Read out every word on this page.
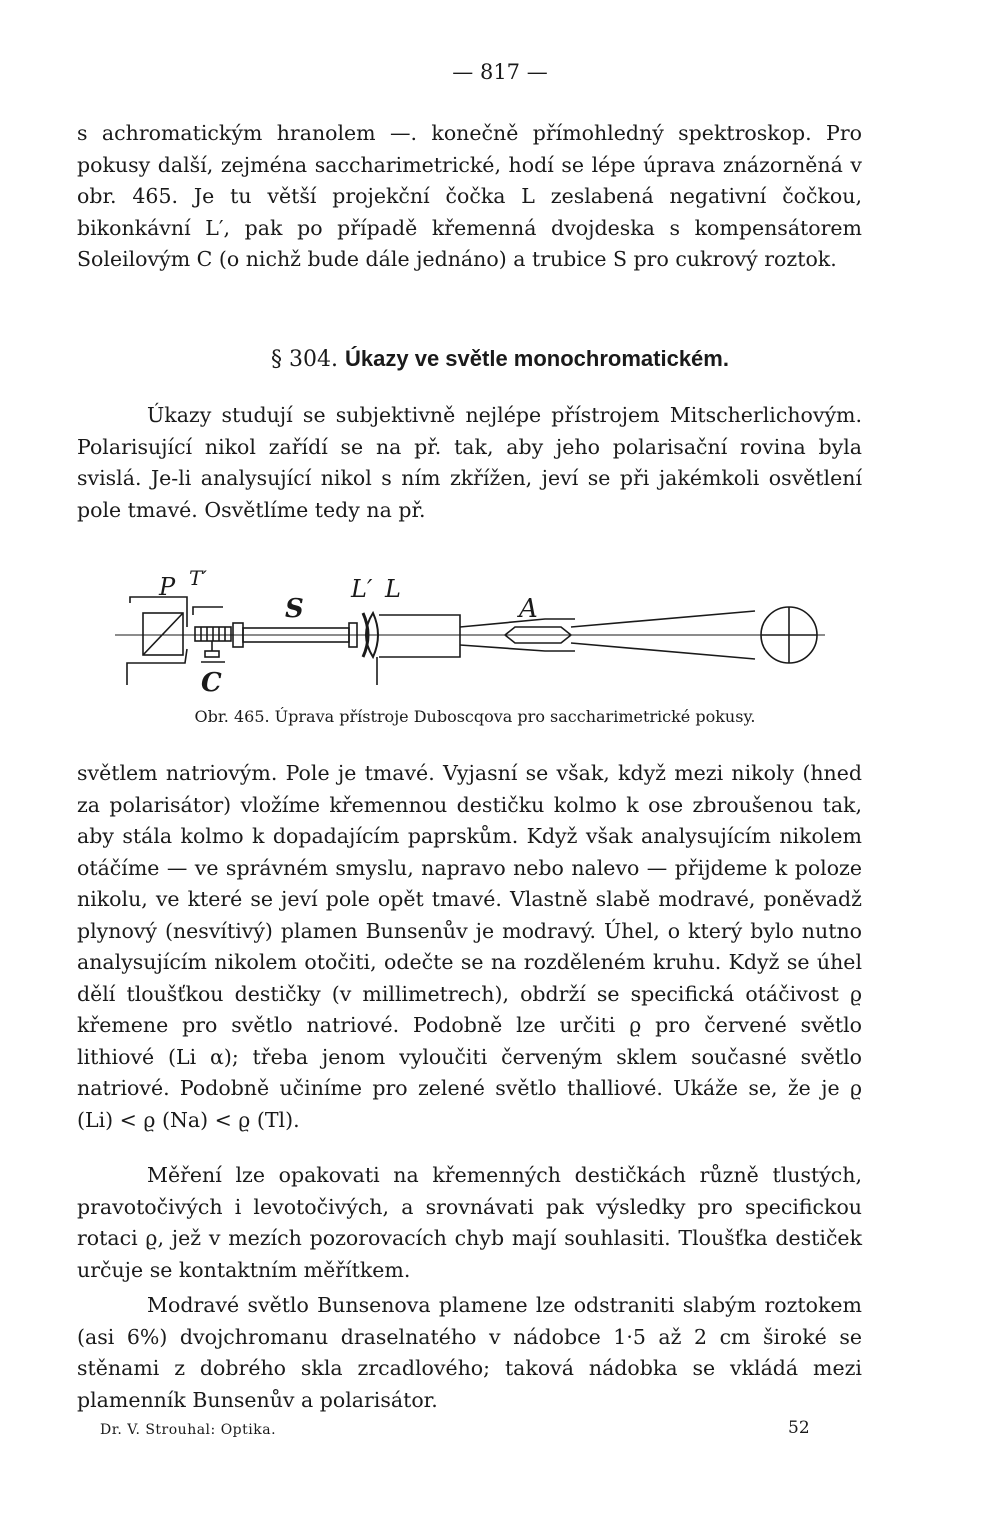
— 817 —

s achromatickým hranolem —. konečně přímohledný spektroskop. Pro pokusy další, zejména saccharimetrické, hodí se lépe úprava znázorněná v obr. 465. Je tu větší projekční čočka L zeslabená negativní čočkou, bikonkávní L′, pak po případě křemenná dvojdeska s kompensátorem Soleilovým C (o nichž bude dále jednáno) a trubice S pro cukrový roztok.

§ 304. Úkazy ve světle monochromatickém.

Úkazy studují se subjektivně nejlépe přístrojem Mitscherlichovým. Polarisující nikol zařídí se na př. tak, aby jeho polarisační rovina byla svislá. Je-li analysující nikol s ním zkřížen, jeví se při jakémkoli osvětlení pole tmavé. Osvětlíme tedy na př.

P T′
S
L′ L
A
C
Obr. 465. Úprava přístroje Duboscqova pro saccharimetrické pokusy.

světlem natriovým. Pole je tmavé. Vyjasní se však, když mezi nikoly (hned za polarisátor) vložíme křemennou destičku kolmo k ose zbroušenou tak, aby stála kolmo k dopadajícím paprskům. Když však analysujícím nikolem otáčíme — ve správném smyslu, napravo nebo nalevo — přijdeme k poloze nikolu, ve které se jeví pole opět tmavé. Vlastně slabě modravé, poněvadž plynový (nesvítivý) plamen Bunsenův je modravý. Úhel, o který bylo nutno analysujícím nikolem otočiti, odečte se na rozděleném kruhu. Když se úhel dělí tloušťkou destičky (v millimetrech), obdrží se specifická otáčivost ϱ křemene pro světlo natriové. Podobně lze určiti ϱ pro červené světlo lithiové (Li α); třeba jenom vyloučiti červeným sklem současné světlo natriové. Podobně učiníme pro zelené světlo thalliové. Ukáže se, že je ϱ (Li) < ϱ (Na) < ϱ (Tl).

Měření lze opakovati na křemenných destičkách různě tlustých, pravotočivých i levotočivých, a srovnávati pak výsledky pro specifickou rotaci ϱ, jež v mezích pozorovacích chyb mají souhlasiti. Tloušťka destiček určuje se kontaktním měřítkem.

Modravé světlo Bunsenova plamene lze odstraniti slabým roztokem (asi 6%) dvojchromanu draselnatého v nádobce 1·5 až 2 cm široké se stěnami z dobrého skla zrcadlového; taková nádobka se vkládá mezi plamenník Bunsenův a polarisátor.

Dr. V. Strouhal: Optika.	52
